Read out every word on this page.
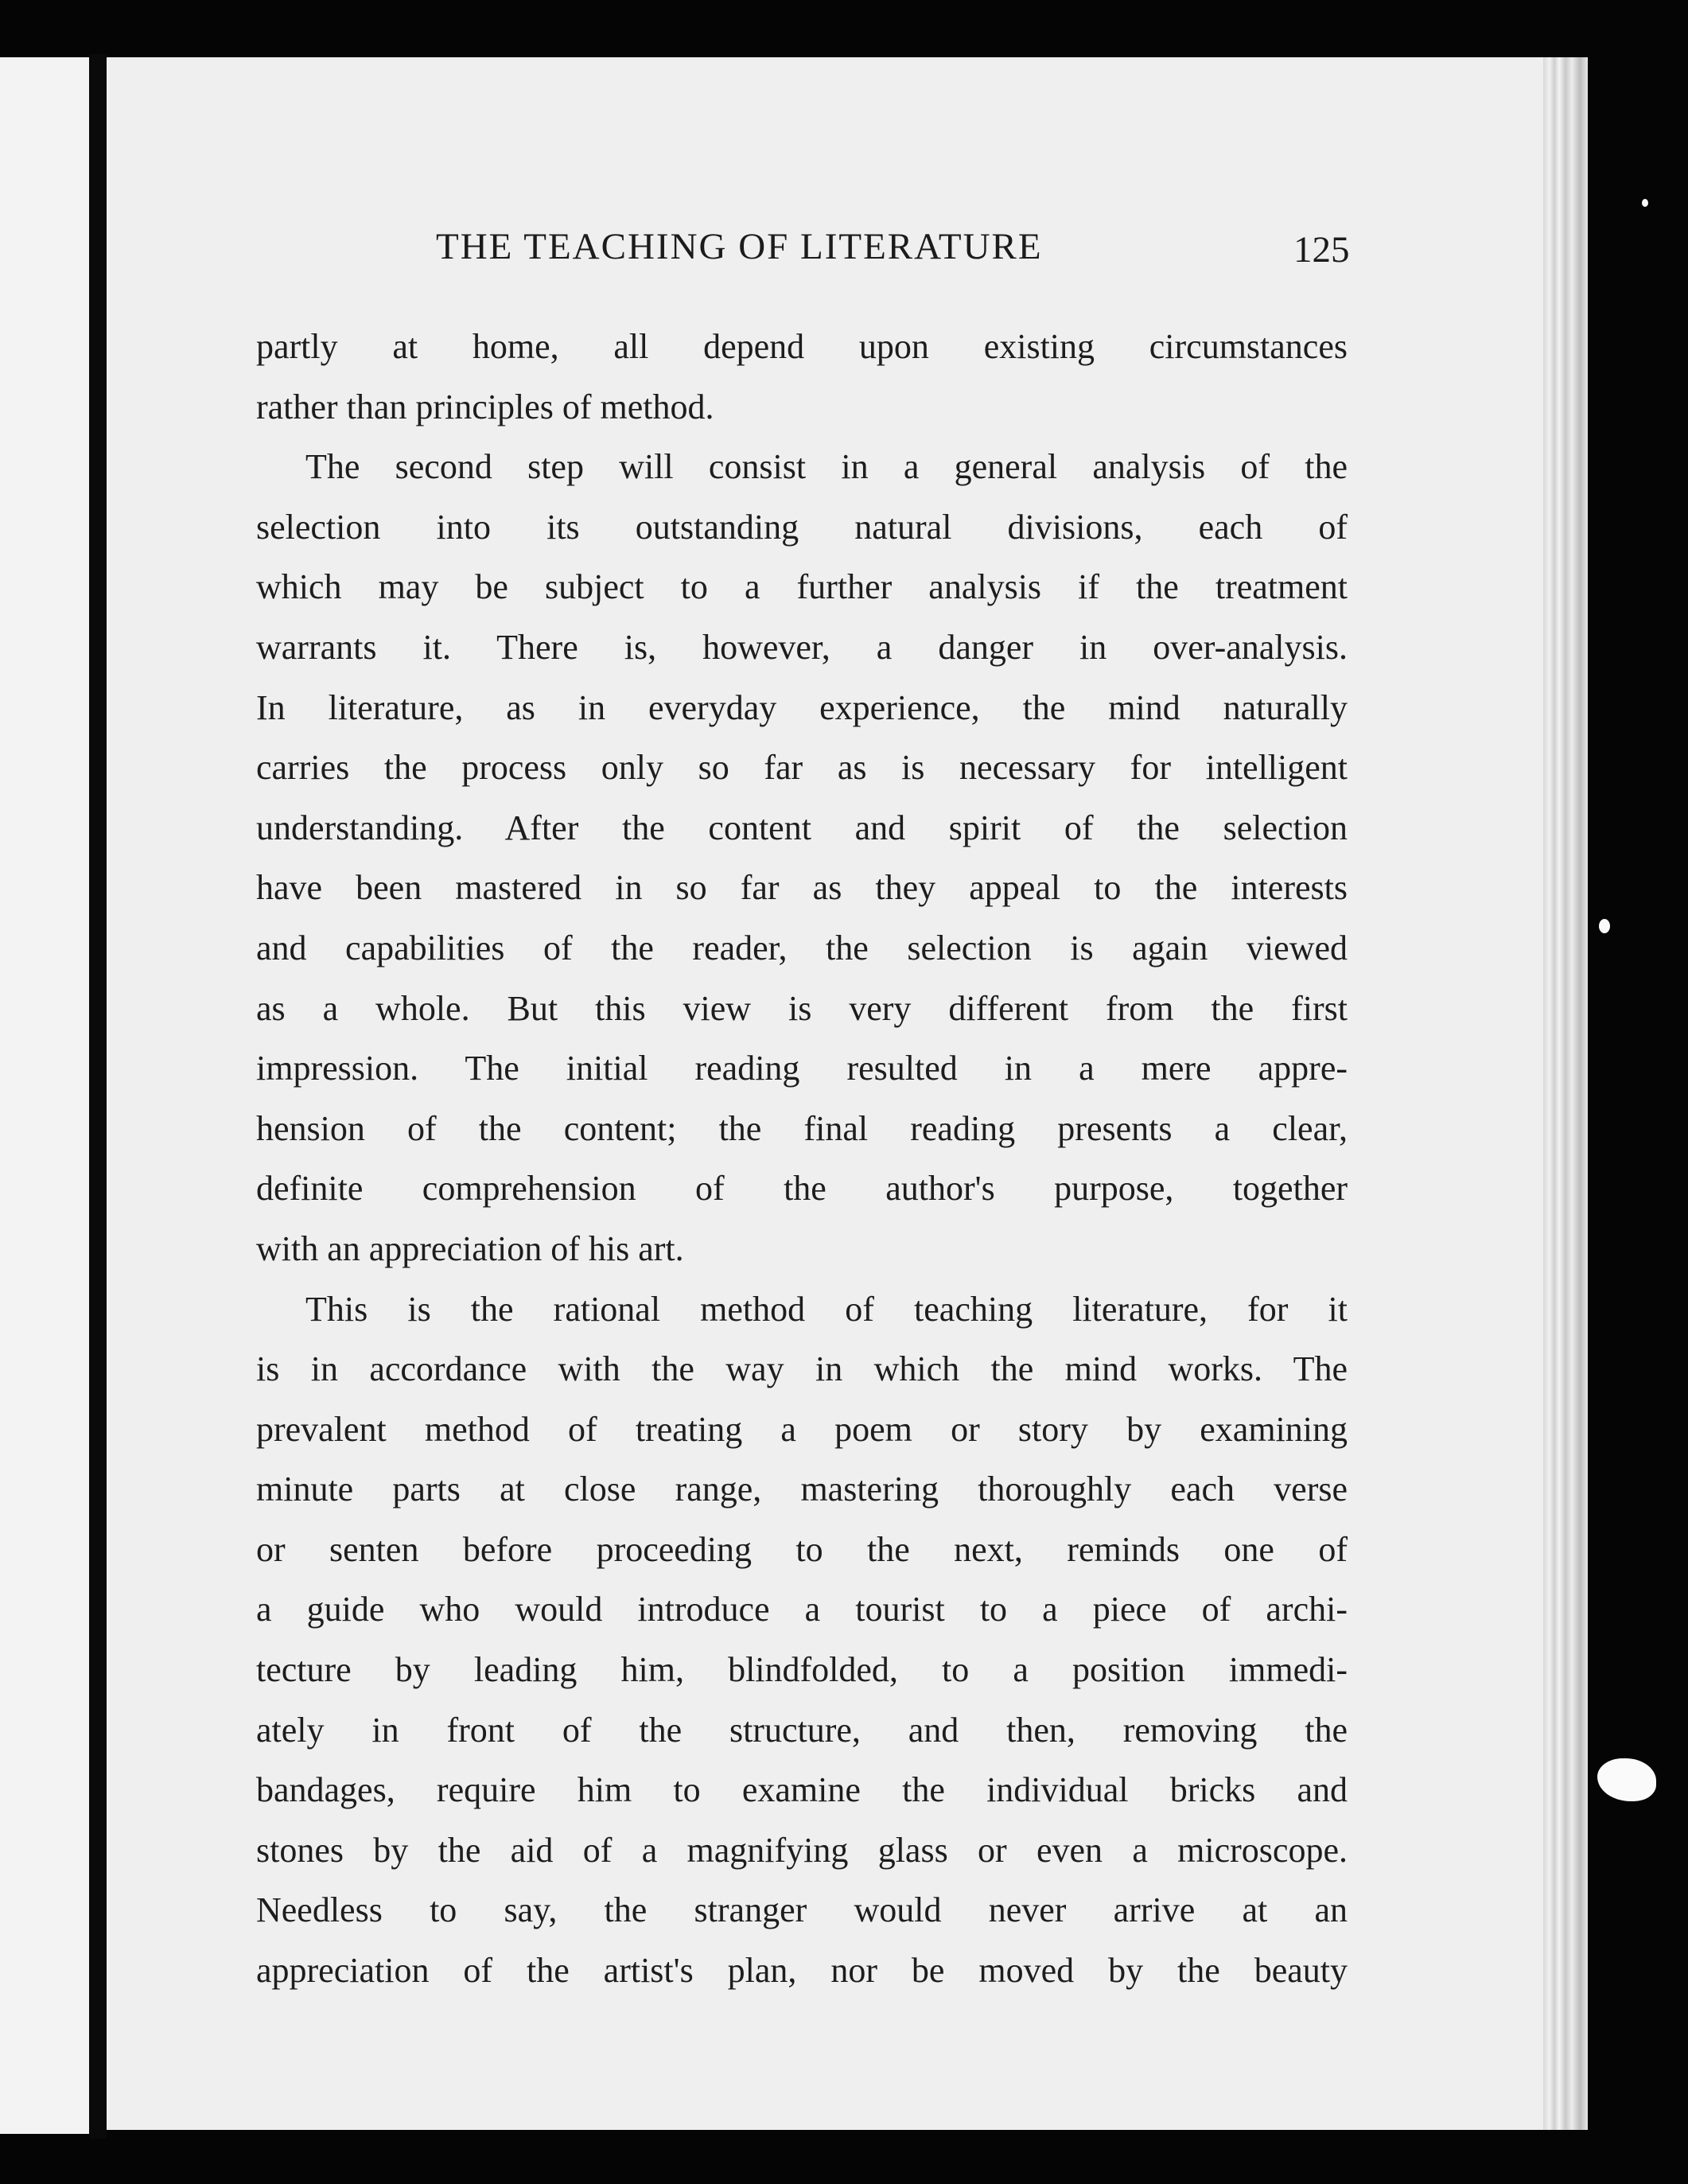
THE TEACHING OF LITERATURE	125
partly at home, all depend upon existing circumstances
rather than principles of method.
The second step will consist in a general analysis of the
selection into its outstanding natural divisions, each of
which may be subject to a further analysis if the treatment
warrants it. There is, however, a danger in over-analysis.
In literature, as in everyday experience, the mind naturally
carries the process only so far as is necessary for intelligent
understanding. After the content and spirit of the selection
have been mastered in so far as they appeal to the interests
and capabilities of the reader, the selection is again viewed
as a whole. But this view is very different from the first
impression. The initial reading resulted in a mere appre-
hension of the content; the final reading presents a clear,
definite comprehension of the author's purpose, together
with an appreciation of his art.
This is the rational method of teaching literature, for it
is in accordance with the way in which the mind works. The
prevalent method of treating a poem or story by examining
minute parts at close range, mastering thoroughly each verse
or senten before proceeding to the next, reminds one of
a guide who would introduce a tourist to a piece of archi-
tecture by leading him, blindfolded, to a position immedi-
ately in front of the structure, and then, removing the
bandages, require him to examine the individual bricks and
stones by the aid of a magnifying glass or even a microscope.
Needless to say, the stranger would never arrive at an
appreciation of the artist's plan, nor be moved by the beauty
